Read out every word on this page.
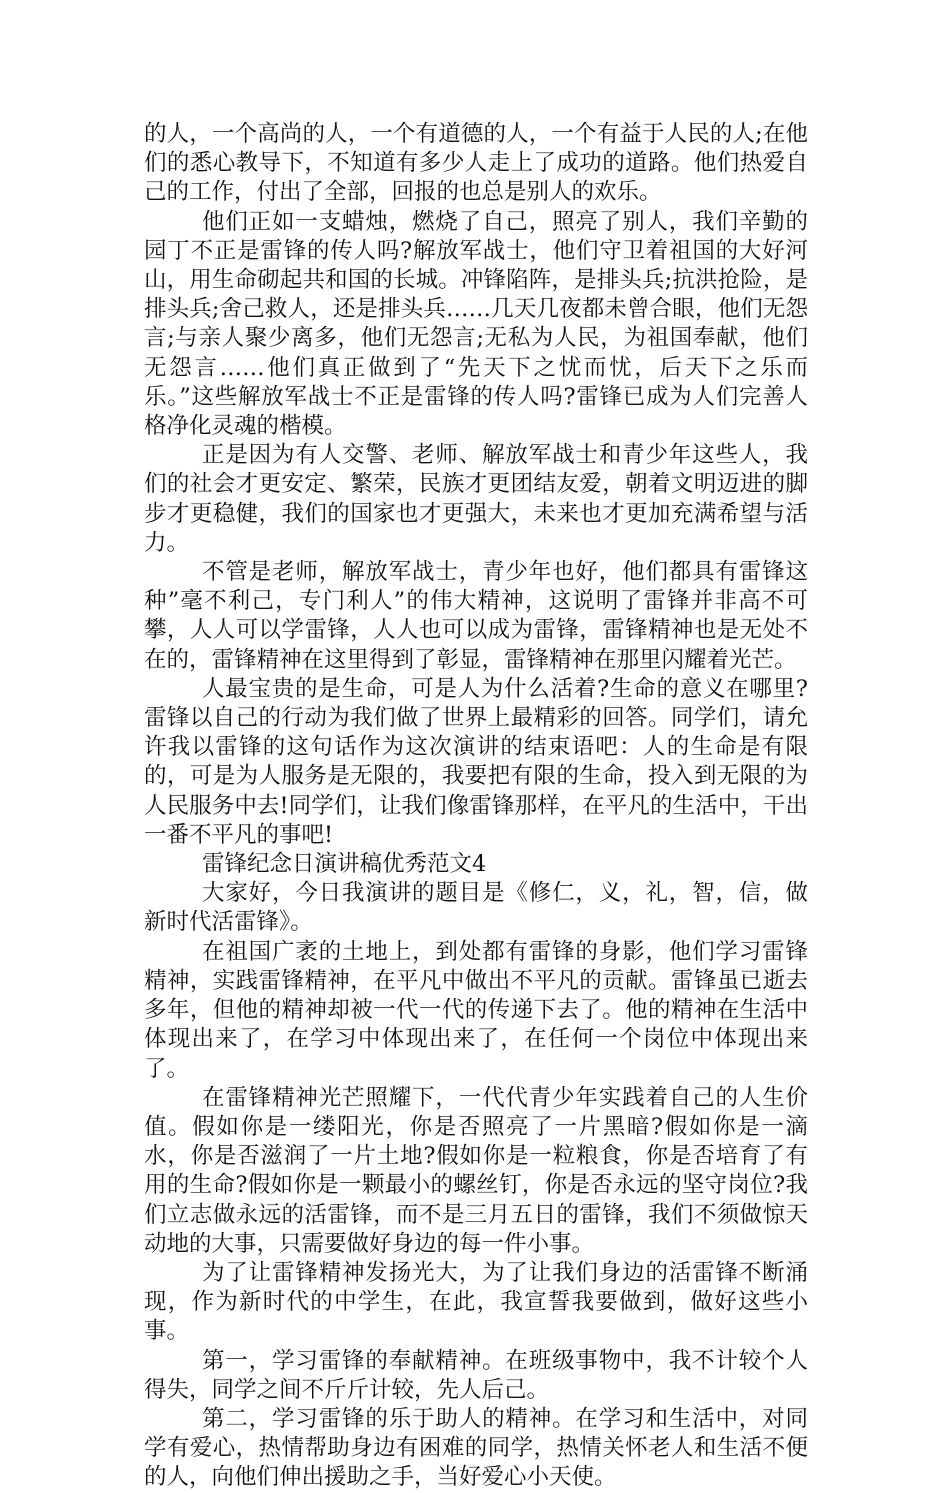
的人，一个高尚的人，一个有道德的人，一个有益于人民的人;在他们的悉心教导下，不知道有多少人走上了成功的道路。他们热爱自己的工作，付出了全部，回报的也总是别人的欢乐。

他们正如一支蜡烛，燃烧了自己，照亮了别人，我们辛勤的园丁不正是雷锋的传人吗?解放军战士，他们守卫着祖国的大好河山，用生命砌起共和国的长城。冲锋陷阵，是排头兵;抗洪抢险，是排头兵;舍己救人，还是排头兵……几天几夜都未曾合眼，他们无怨言;与亲人聚少离多，他们无怨言;无私为人民，为祖国奉献，他们无怨言……他们真正做到了“先天下之忧而忧，后天下之乐而乐。”这些解放军战士不正是雷锋的传人吗?雷锋已成为人们完善人格净化灵魂的楷模。

正是因为有人交警、老师、解放军战士和青少年这些人，我们的社会才更安定、繁荣，民族才更团结友爱，朝着文明迈进的脚步才更稳健，我们的国家也才更强大，未来也才更加充满希望与活力。

不管是老师，解放军战士，青少年也好，他们都具有雷锋这种”毫不利己，专门利人”的伟大精神，这说明了雷锋并非高不可攀，人人可以学雷锋，人人也可以成为雷锋，雷锋精神也是无处不在的，雷锋精神在这里得到了彰显，雷锋精神在那里闪耀着光芒。

人最宝贵的是生命，可是人为什么活着?生命的意义在哪里?雷锋以自己的行动为我们做了世界上最精彩的回答。同学们，请允许我以雷锋的这句话作为这次演讲的结束语吧：人的生命是有限的，可是为人服务是无限的，我要把有限的生命，投入到无限的为人民服务中去!同学们，让我们像雷锋那样，在平凡的生活中，干出一番不平凡的事吧!

雷锋纪念日演讲稿优秀范文4

大家好，今日我演讲的题目是《修仁，义，礼，智，信，做新时代活雷锋》。

在祖国广袤的土地上，到处都有雷锋的身影，他们学习雷锋精神，实践雷锋精神，在平凡中做出不平凡的贡献。雷锋虽已逝去多年，但他的精神却被一代一代的传递下去了。他的精神在生活中体现出来了，在学习中体现出来了，在任何一个岗位中体现出来了。

在雷锋精神光芒照耀下，一代代青少年实践着自己的人生价值。假如你是一缕阳光，你是否照亮了一片黑暗?假如你是一滴水，你是否滋润了一片土地?假如你是一粒粮食，你是否培育了有用的生命?假如你是一颗最小的螺丝钉，你是否永远的坚守岗位?我们立志做永远的活雷锋，而不是三月五日的雷锋，我们不须做惊天动地的大事，只需要做好身边的每一件小事。

为了让雷锋精神发扬光大，为了让我们身边的活雷锋不断涌现，作为新时代的中学生，在此，我宣誓我要做到，做好这些小事。

第一，学习雷锋的奉献精神。在班级事物中，我不计较个人得失，同学之间不斤斤计较，先人后己。

第二，学习雷锋的乐于助人的精神。在学习和生活中，对同学有爱心，热情帮助身边有困难的同学，热情关怀老人和生活不便的人，向他们伸出援助之手，当好爱心小天使。
